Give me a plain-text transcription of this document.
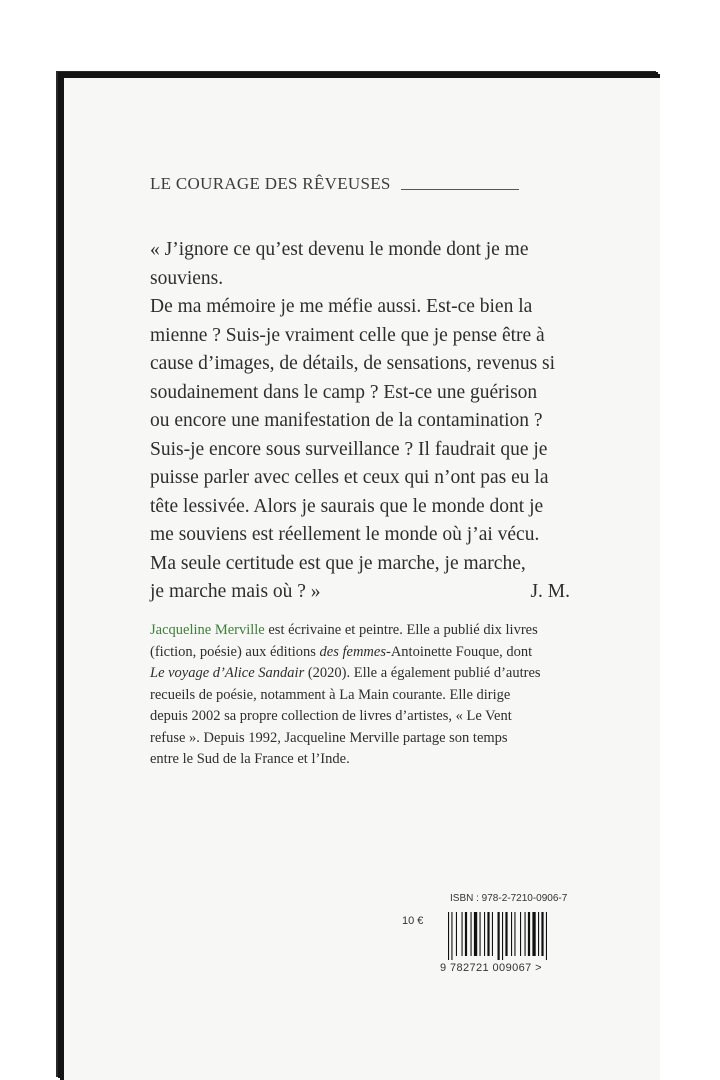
LE COURAGE DES RÊVEUSES
« J’ignore ce qu’est devenu le monde dont je me
souviens.
De ma mémoire je me méfie aussi. Est-ce bien la
mienne ? Suis-je vraiment celle que je pense être à
cause d’images, de détails, de sensations, revenus si
soudainement dans le camp ? Est-ce une guérison
ou encore une manifestation de la contamination ?
Suis-je encore sous surveillance ? Il faudrait que je
puisse parler avec celles et ceux qui n’ont pas eu la
tête lessivée. Alors je saurais que le monde dont je
me souviens est réellement le monde où j’ai vécu.
Ma seule certitude est que je marche, je marche,
je marche mais où ? »	J. M.
Jacqueline Merville est écrivaine et peintre. Elle a publié dix livres
(fiction, poésie) aux éditions des femmes-Antoinette Fouque, dont
Le voyage d’Alice Sandair (2020). Elle a également publié d’autres
recueils de poésie, notamment à La Main courante. Elle dirige
depuis 2002 sa propre collection de livres d’artistes, « Le Vent
refuse ». Depuis 1992, Jacqueline Merville partage son temps
entre le Sud de la France et l’Inde.
ISBN : 978-2-7210-0906-7
10 €
9 782721 009067 >
